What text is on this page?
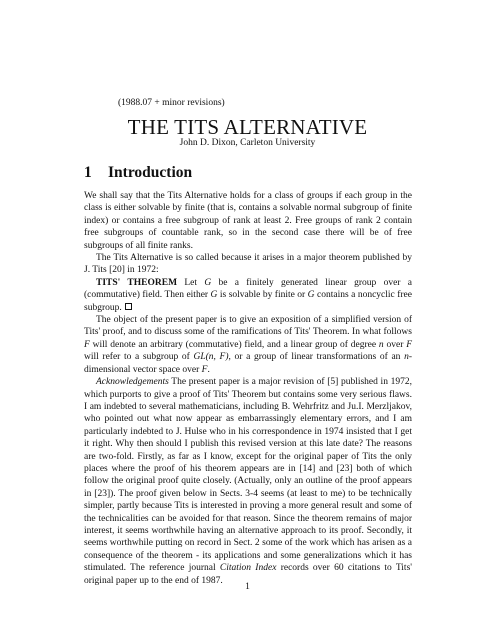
(1988.07 + minor revisions)
THE TITS ALTERNATIVE
John D. Dixon, Carleton University
1 Introduction

We shall say that the Tits Alternative holds for a class of groups if each group in the class is either solvable by finite (that is, contains a solvable normal subgroup of finite index) or contains a free subgroup of rank at least 2. Free groups of rank 2 contain free subgroups of countable rank, so in the second case there will be of free subgroups of all finite ranks.

The Tits Alternative is so called because it arises in a major theorem published by J. Tits [20] in 1972:

TITS' THEOREM Let G be a finitely generated linear group over a (commutative) field. Then either G is solvable by finite or G contains a noncyclic free subgroup.

The object of the present paper is to give an exposition of a simplified version of Tits' proof, and to discuss some of the ramifications of Tits' Theorem. In what follows F will denote an arbitrary (commutative) field, and a linear group of degree n over F will refer to a subgroup of GL(n, F), or a group of linear transformations of an n-dimensional vector space over F.

Acknowledgements The present paper is a major revision of [5] published in 1972, which purports to give a proof of Tits' Theorem but contains some very serious flaws. I am indebted to several mathematicians, including B. Wehrfritz and Ju.I. Merzljakov, who pointed out what now appear as embarrassingly elementary errors, and I am particularly indebted to J. Hulse who in his correspondence in 1974 insisted that I get it right. Why then should I publish this revised version at this late date? The reasons are two-fold. Firstly, as far as I know, except for the original paper of Tits the only places where the proof of his theorem appears are in [14] and [23] both of which follow the original proof quite closely. (Actually, only an outline of the proof appears in [23]). The proof given below in Sects. 3-4 seems (at least to me) to be technically simpler, partly because Tits is interested in proving a more general result and some of the technicalities can be avoided for that reason. Since the theorem remains of major interest, it seems worthwhile having an alternative approach to its proof. Secondly, it seems worthwhile putting on record in Sect. 2 some of the work which has arisen as a consequence of the theorem - its applications and some generalizations which it has stimulated. The reference journal Citation Index records over 60 citations to Tits' original paper up to the end of 1987.

1
